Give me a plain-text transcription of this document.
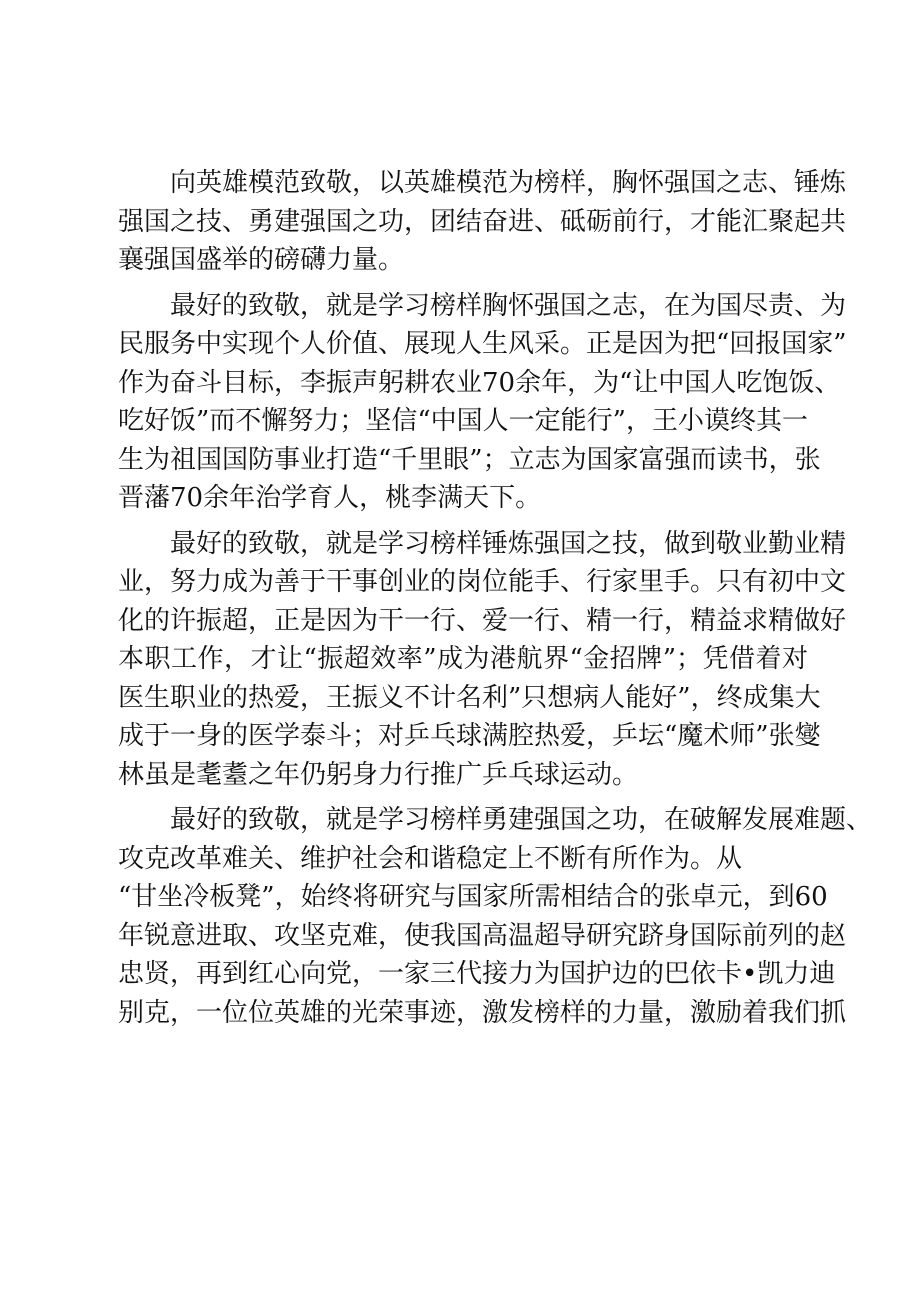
向英雄模范致敬，以英雄模范为榜样，胸怀强国之志、锤炼
强国之技、勇建强国之功，团结奋进、砥砺前行，才能汇聚起共
襄强国盛举的磅礴力量。
最好的致敬，就是学习榜样胸怀强国之志，在为国尽责、为
民服务中实现个人价值、展现人生风采。正是因为把“回报国家”
作为奋斗目标，李振声躬耕农业70余年，为“让中国人吃饱饭、
吃好饭”而不懈努力；坚信“中国人一定能行”，王小谟终其一
生为祖国国防事业打造“千里眼”；立志为国家富强而读书，张
晋藩70余年治学育人，桃李满天下。
最好的致敬，就是学习榜样锤炼强国之技，做到敬业勤业精
业，努力成为善于干事创业的岗位能手、行家里手。只有初中文
化的许振超，正是因为干一行、爱一行、精一行，精益求精做好
本职工作，才让“振超效率”成为港航界“金招牌”；凭借着对
医生职业的热爱，王振义不计名利”只想病人能好”，终成集大
成于一身的医学泰斗；对乒乓球满腔热爱，乒坛“魔术师”张燮
林虽是耄耋之年仍躬身力行推广乒乓球运动。
最好的致敬，就是学习榜样勇建强国之功，在破解发展难题、
攻克改革难关、维护社会和谐稳定上不断有所作为。从
“甘坐冷板凳”，始终将研究与国家所需相结合的张卓元，到60
年锐意进取、攻坚克难，使我国高温超导研究跻身国际前列的赵
忠贤，再到红心向党，一家三代接力为国护边的巴依卡•凯力迪
别克，一位位英雄的光荣事迹，激发榜样的力量，激励着我们抓
